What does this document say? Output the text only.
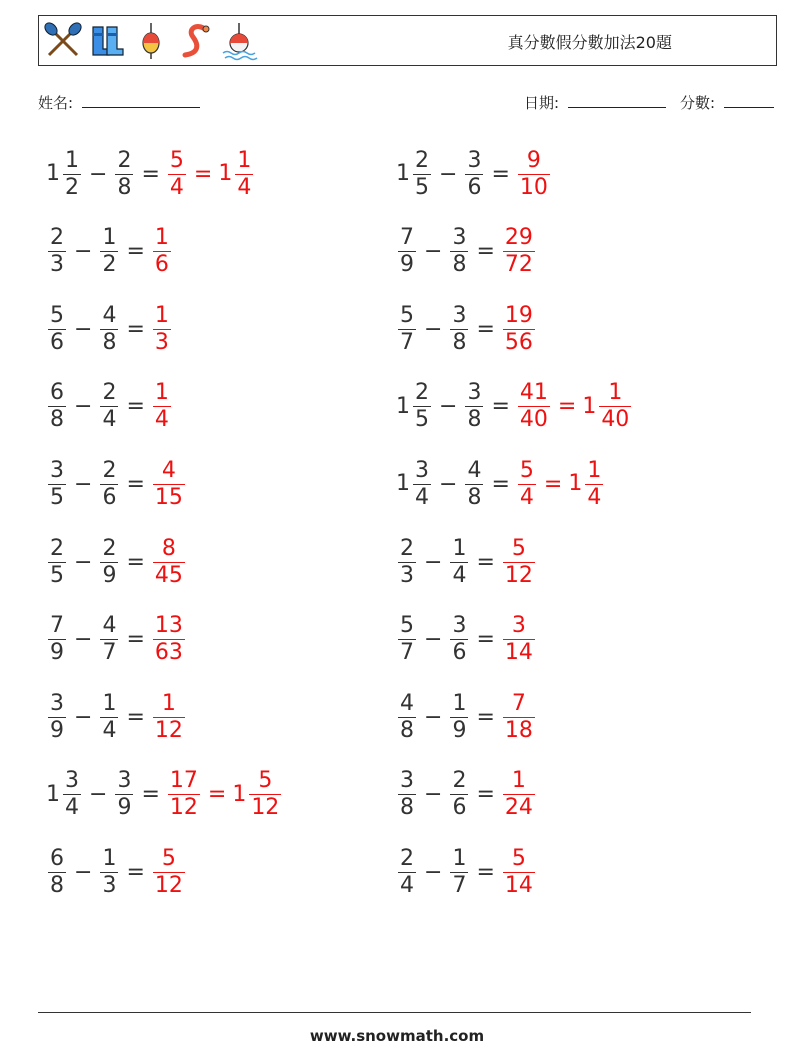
真分數假分數加法20題
姓名:	日期:	分數:
$1 \frac{1}{2} - \frac{2}{8} = \frac{5}{4} = 1 \frac{1}{4}$	$1 \frac{2}{5} - \frac{3}{6} = \frac{9}{10}$
$\frac{2}{3} - \frac{1}{2} = \frac{1}{6}$	$\frac{7}{9} - \frac{3}{8} = \frac{29}{72}$
$\frac{5}{6} - \frac{4}{8} = \frac{1}{3}$	$\frac{5}{7} - \frac{3}{8} = \frac{19}{56}$
$\frac{6}{8} - \frac{2}{4} = \frac{1}{4}$	$1 \frac{2}{5} - \frac{3}{8} = \frac{41}{40} = 1 \frac{1}{40}$
$\frac{3}{5} - \frac{2}{6} = \frac{4}{15}$	$1 \frac{3}{4} - \frac{4}{8} = \frac{5}{4} = 1 \frac{1}{4}$
$\frac{2}{5} - \frac{2}{9} = \frac{8}{45}$	$\frac{2}{3} - \frac{1}{4} = \frac{5}{12}$
$\frac{7}{9} - \frac{4}{7} = \frac{13}{63}$	$\frac{5}{7} - \frac{3}{6} = \frac{3}{14}$
$\frac{3}{9} - \frac{1}{4} = \frac{1}{12}$	$\frac{4}{8} - \frac{1}{9} = \frac{7}{18}$
$1 \frac{3}{4} - \frac{3}{9} = \frac{17}{12} = 1 \frac{5}{12}$	$\frac{3}{8} - \frac{2}{6} = \frac{1}{24}$
$\frac{6}{8} - \frac{1}{3} = \frac{5}{12}$	$\frac{2}{4} - \frac{1}{7} = \frac{5}{14}$
www.snowmath.com
